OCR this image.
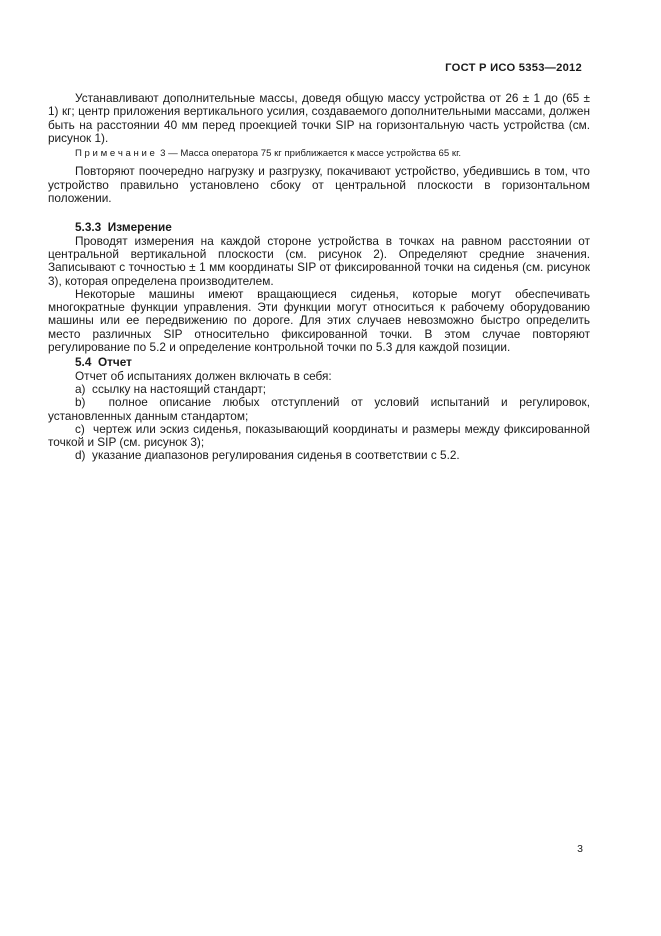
ГОСТ Р ИСО 5353—2012

Устанавливают дополнительные массы, доведя общую массу устройства от 26 ± 1 до (65 ± 1) кг; центр приложения вертикального усилия, создаваемого дополнительными массами, должен быть на расстоянии 40 мм перед проекцией точки SIP на горизонтальную часть устройства (см. рисунок 1).

П р и м е ч а н и е  3 — Масса оператора 75 кг приближается к массе устройства 65 кг.

Повторяют поочередно нагрузку и разгрузку, покачивают устройство, убедившись в том, что устройство правильно установлено сбоку от центральной плоскости в горизонтальном положении.

5.3.3  Измерение

Проводят измерения на каждой стороне устройства в точках на равном расстоянии от центральной вертикальной плоскости (см. рисунок 2). Определяют средние значения. Записывают с точностью ± 1 мм координаты SIP от фиксированной точки на сиденья (см. рисунок 3), которая определена производителем.

Некоторые машины имеют вращающиеся сиденья, которые могут обеспечивать многократные функции управления. Эти функции могут относиться к рабочему оборудованию машины или ее передвижению по дороге. Для этих случаев невозможно быстро определить место различных SIP относительно фиксированной точки. В этом случае повторяют регулирование по 5.2 и определение контрольной точки по 5.3 для каждой позиции.

5.4  Отчет

Отчет об испытаниях должен включать в себя:

a)  ссылку на настоящий стандарт;

b)  полное описание любых отступлений от условий испытаний и регулировок, установленных данным стандартом;

c)  чертеж или эскиз сиденья, показывающий координаты и размеры между фиксированной точкой и SIP (см. рисунок 3);

d)  указание диапазонов регулирования сиденья в соответствии с 5.2.

3
